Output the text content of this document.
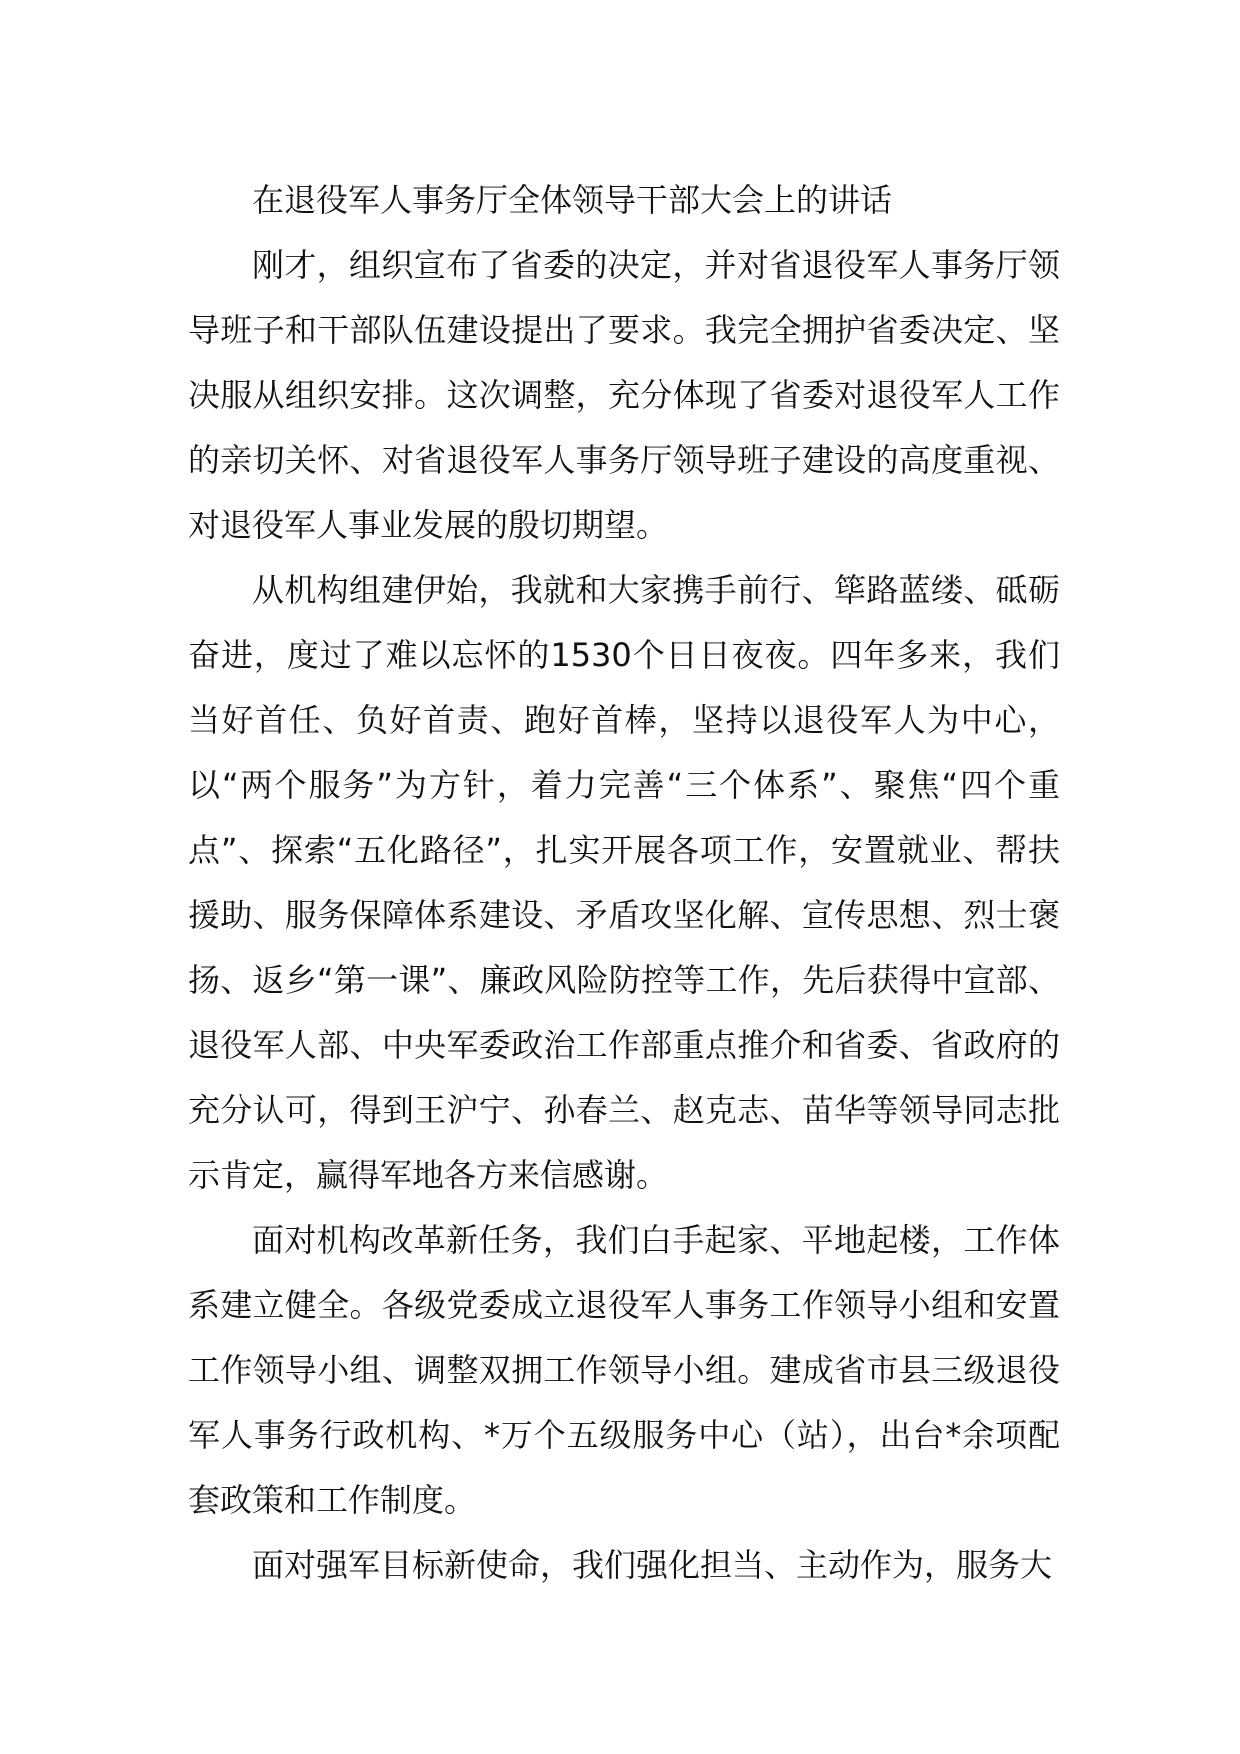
在退役军人事务厅全体领导干部大会上的讲话

刚才，组织宣布了省委的决定，并对省退役军人事务厅领导班子和干部队伍建设提出了要求。我完全拥护省委决定、坚决服从组织安排。这次调整，充分体现了省委对退役军人工作的亲切关怀、对省退役军人事务厅领导班子建设的高度重视、对退役军人事业发展的殷切期望。

从机构组建伊始，我就和大家携手前行、筚路蓝缕、砥砺奋进，度过了难以忘怀的1530个日日夜夜。四年多来，我们当好首任、负好首责、跑好首棒，坚持以退役军人为中心，以“两个服务”为方针，着力完善“三个体系”、聚焦“四个重点”、探索“五化路径”，扎实开展各项工作，安置就业、帮扶援助、服务保障体系建设、矛盾攻坚化解、宣传思想、烈士褒扬、返乡“第一课”、廉政风险防控等工作，先后获得中宣部、退役军人部、中央军委政治工作部重点推介和省委、省政府的充分认可，得到王沪宁、孙春兰、赵克志、苗华等领导同志批示肯定，赢得军地各方来信感谢。

面对机构改革新任务，我们白手起家、平地起楼，工作体系建立健全。各级党委成立退役军人事务工作领导小组和安置工作领导小组、调整双拥工作领导小组。建成省市县三级退役军人事务行政机构、*万个五级服务中心（站），出台*余项配套政策和工作制度。

面对强军目标新使命，我们强化担当、主动作为，服务大
